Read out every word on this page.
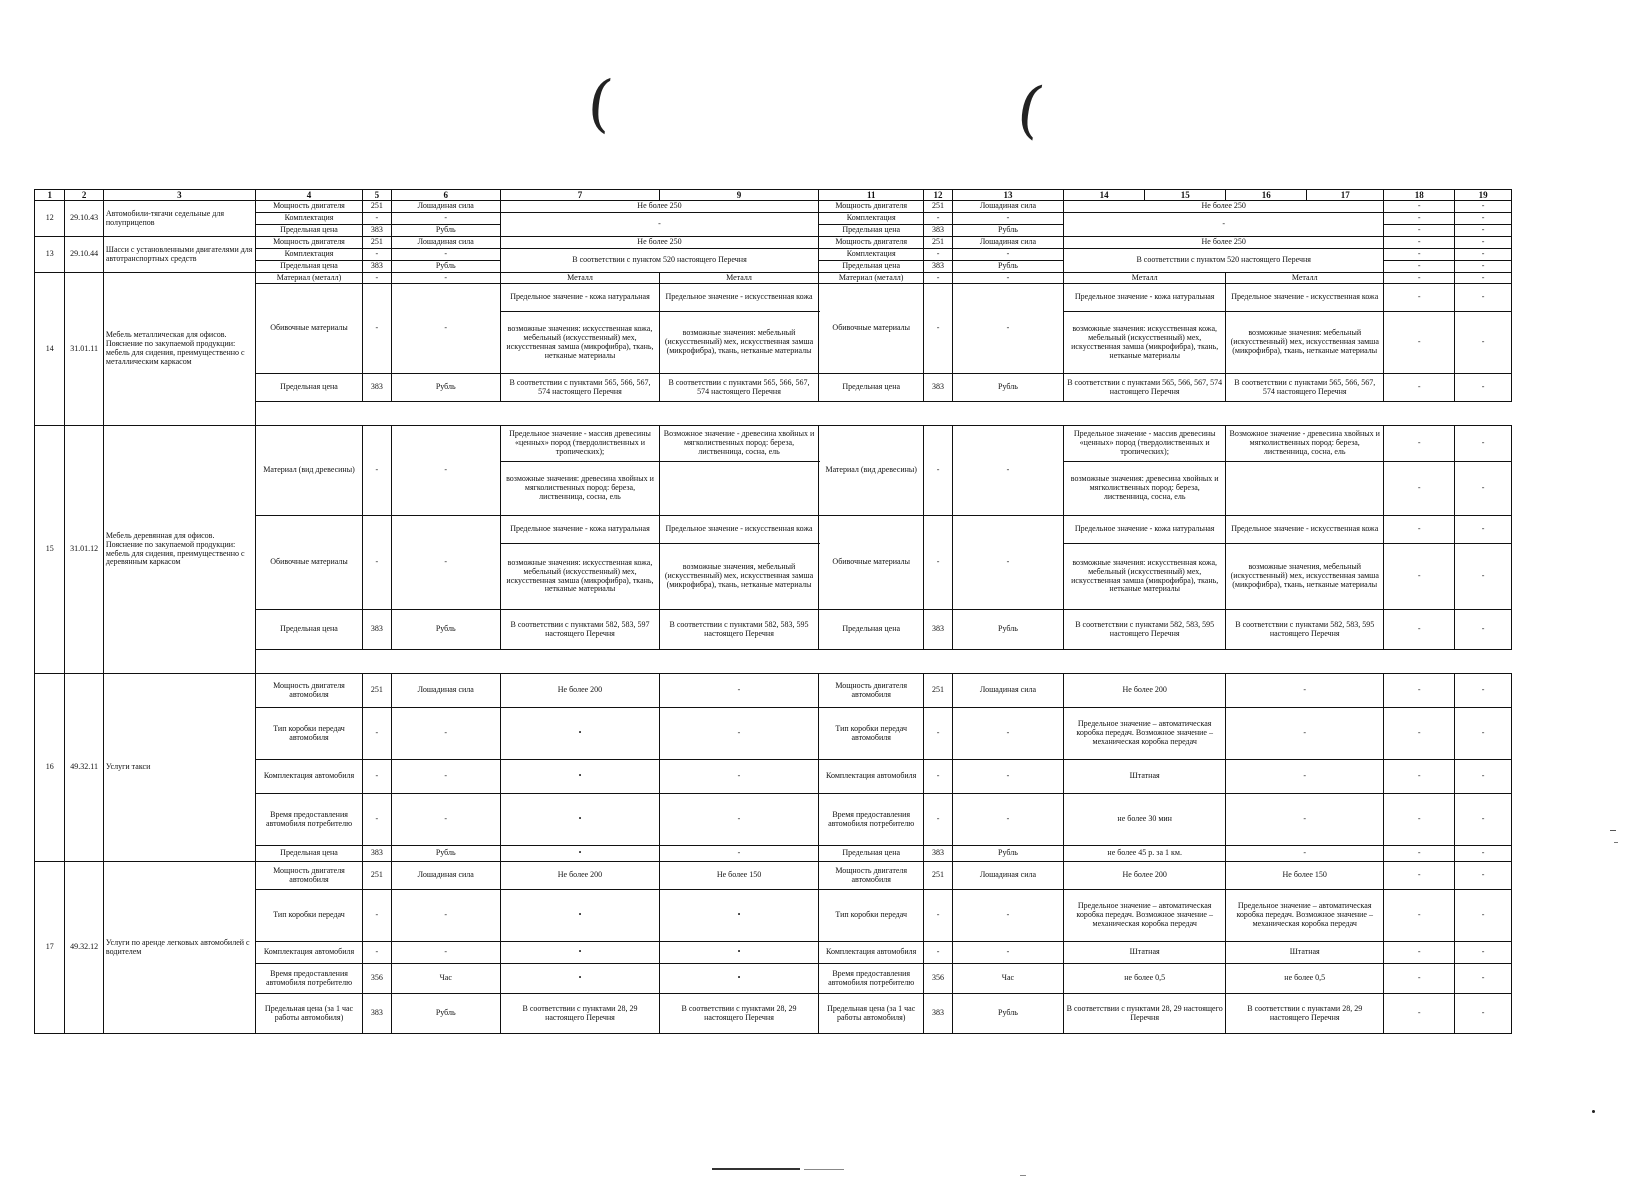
(	(
1	2	3	4	5	6	7		9		11	12	13	14	15	16	17	18	19
12	29.10.43	Автомобили-тягачи седельные для полуприцепов	Мощность двигателя	251	Лошадиная сила	Не более 250		Мощность двигателя	251	Лошадиная сила	Не более 250				-	-
			Комплектация	-	-	-		Комплектация	-	-	-				-	-
			Предельная цена	383	Рубль			Предельная цена	383	Рубль					-	-
13	29.10.44	Шасси с установленными двигателями для автотранспортных средств	Мощность двигателя	251	Лошадиная сила	Не более 250		Мощность двигателя	251	Лошадиная сила	Не более 250				-	-
			Комплектация	-	-	В соответствии с пунктом 520 настоящего Перечня		Комплектация	-	-	В соответствии с пунктом 520 настоящего Перечня				-	-
			Предельная цена	383	Рубль			Предельная цена	383	Рубль					-	-
14	31.01.11	Мебель металлическая для офисов. Пояснение по закупаемой продукции: мебель для сидения, преимущественно с металлическим каркасом	Материал (металл)	-	-	Металл	Металл	Материал (металл)	-	-	Металл		Металл		-	-
			Обивочные материалы	-	-	Предельное значение - кожа натуральная	Предельное значение - искусственная кожа	Обивочные материалы	-	-	Предельное значение - кожа натуральная		Предельное значение - искусственная кожа		-	-
						возможные значения: искусственная кожа, мебельный (искусственный) мех, искусственная замша (микрофибра), ткань, нетканые материалы	возможные значения: мебельный (искусственный) мех, искусственная замша (микрофибра), ткань, нетканые материалы				возможные значения: искусственная кожа, мебельный (искусственный) мех, искусственная замша (микрофибра), ткань, нетканые материалы		возможные значения: мебельный (искусственный) мех, искусственная замша (микрофибра), ткань, нетканые материалы		-	-
			Предельная цена	383	Рубль	В соответствии с пунктами 565, 566, 567, 574 настоящего Перечня	В соответствии с пунктами 565, 566, 567, 574 настоящего Перечня	Предельная цена	383	Рубль	В соответствии с пунктами 565, 566, 567, 574 настоящего Перечня		В соответствии с пунктами 565, 566, 567, 574 настоящего Перечня		-	-

15	31.01.12	Мебель деревянная для офисов. Пояснение по закупаемой продукции: мебель для сидения, преимущественно с деревянным каркасом	Материал (вид древесины)	-	-	Предельное значение - массив древесины «ценных» пород (твердолиственных и тропических);	Возможное значение - древесина хвойных и мягколиственных пород: береза, лиственница, сосна, ель	Материал (вид древесины)	-	-	Предельное значение - массив древесины «ценных» пород (твердолиственных и тропических);		Возможное значение - древесина хвойных и мягколиственных пород: береза, лиственница, сосна, ель		-	-
						возможные значения: древесина хвойных и мягколиственных пород: береза, лиственница, сосна, ель					возможные значения: древесина хвойных и мягколиственных пород: береза, лиственница, сосна, ель				-	-
			Обивочные материалы	-	-	Предельное значение - кожа натуральная	Предельное значение - искусственная кожа	Обивочные материалы	-	-	Предельное значение - кожа натуральная		Предельное значение - искусственная кожа		-	-
						возможные значения: искусственная кожа, мебельный (искусственный) мех, искусственная замша (микрофибра), ткань, нетканые материалы	возможные значения, мебельный (искусственный) мех, искусственная замша (микрофибра), ткань, нетканые материалы				возможные значения: искусственная кожа, мебельный (искусственный) мех, искусственная замша (микрофибра), ткань, нетканые материалы		возможные значения, мебельный (искусственный) мех, искусственная замша (микрофибра), ткань, нетканые материалы		-	-
			Предельная цена	383	Рубль	В соответствии с пунктами 582, 583, 597 настоящего Перечня	В соответствии с пунктами 582, 583, 595 настоящего Перечня	Предельная цена	383	Рубль	В соответствии с пунктами 582, 583, 595 настоящего Перечня		В соответствии с пунктами 582, 583, 595 настоящего Перечня		-	-

16	49.32.11	Услуги такси	Мощность двигателя автомобиля	251	Лошадиная сила	Не более 200	-	Мощность двигателя автомобиля	251	Лошадиная сила	Не более 200		-		-	-
			Тип коробки передач автомобиля	-	-	•	-	Тип коробки передач автомобиля	-	-	Предельное значение – автоматическая коробка передач. Возможное значение – механическая коробка передач		-		-	-
			Комплектация автомобиля	-	-	•	-	Комплектация автомобиля	-	-	Штатная		-		-	-
			Время предоставления автомобиля потребителю	-	-	•	-	Время предоставления автомобиля потребителю	-	-	не более 30 мин		-		-	-
			Предельная цена	383	Рубль	•	-	Предельная цена	383	Рубль	не более 45 р. за 1 км.		-		-	-
17	49.32.12	Услуги по аренде легковых автомобилей с водителем	Мощность двигателя автомобиля	251	Лошадиная сила	Не более 200	Не более 150	Мощность двигателя автомобиля	251	Лошадиная сила	Не более 200		Не более 150		-	-
			Тип коробки передач	-	-	•	•	Тип коробки передач	-	-	Предельное значение – автоматическая коробка передач. Возможное значение – механическая коробка передач		Предельное значение – автоматическая коробка передач. Возможное значение – механическая коробка передач		-	-
			Комплектация автомобиля	-	-	•	•	Комплектация автомобиля	-	-	Штатная		Штатная		-	-
			Время предоставления автомобиля потребителю	356	Час	•	•	Время предоставления автомобиля потребителю	356	Час	не более 0,5		не более 0,5		-	-
			Предельная цена (за 1 час работы автомобиля)	383	Рубль	В соответствии с пунктами 28, 29 настоящего Перечня	В соответствии с пунктами 28, 29 настоящего Перечня	Предельная цена (за 1 час работы автомобиля)	383	Рубль	В соответствии с пунктами 28, 29 настоящего Перечня		В соответствии с пунктами 28, 29 настоящего Перечня		-	-
